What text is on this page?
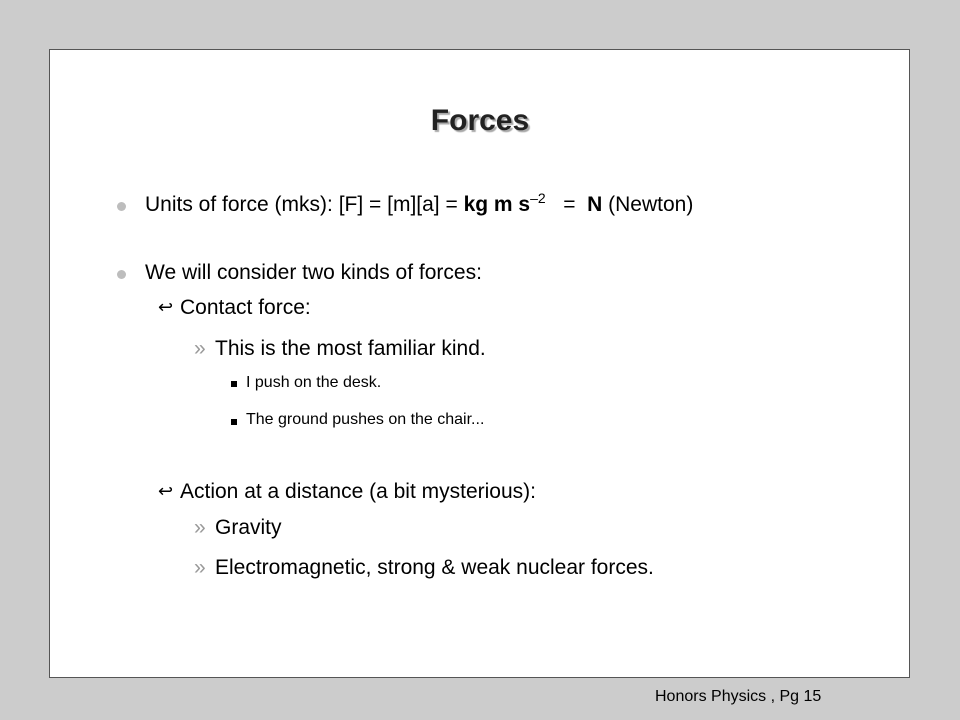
Forces
Units of force (mks): [F] = [m][a] = kg m $s^{-2} = N$ (Newton)
We will consider two kinds of forces:
↩ Contact force:
» This is the most familiar kind.
I push on the desk.
The ground pushes on the chair...
↩ Action at a distance (a bit mysterious):
» Gravity
» Electromagnetic, strong & weak nuclear forces.
Honors Physics , Pg 15
